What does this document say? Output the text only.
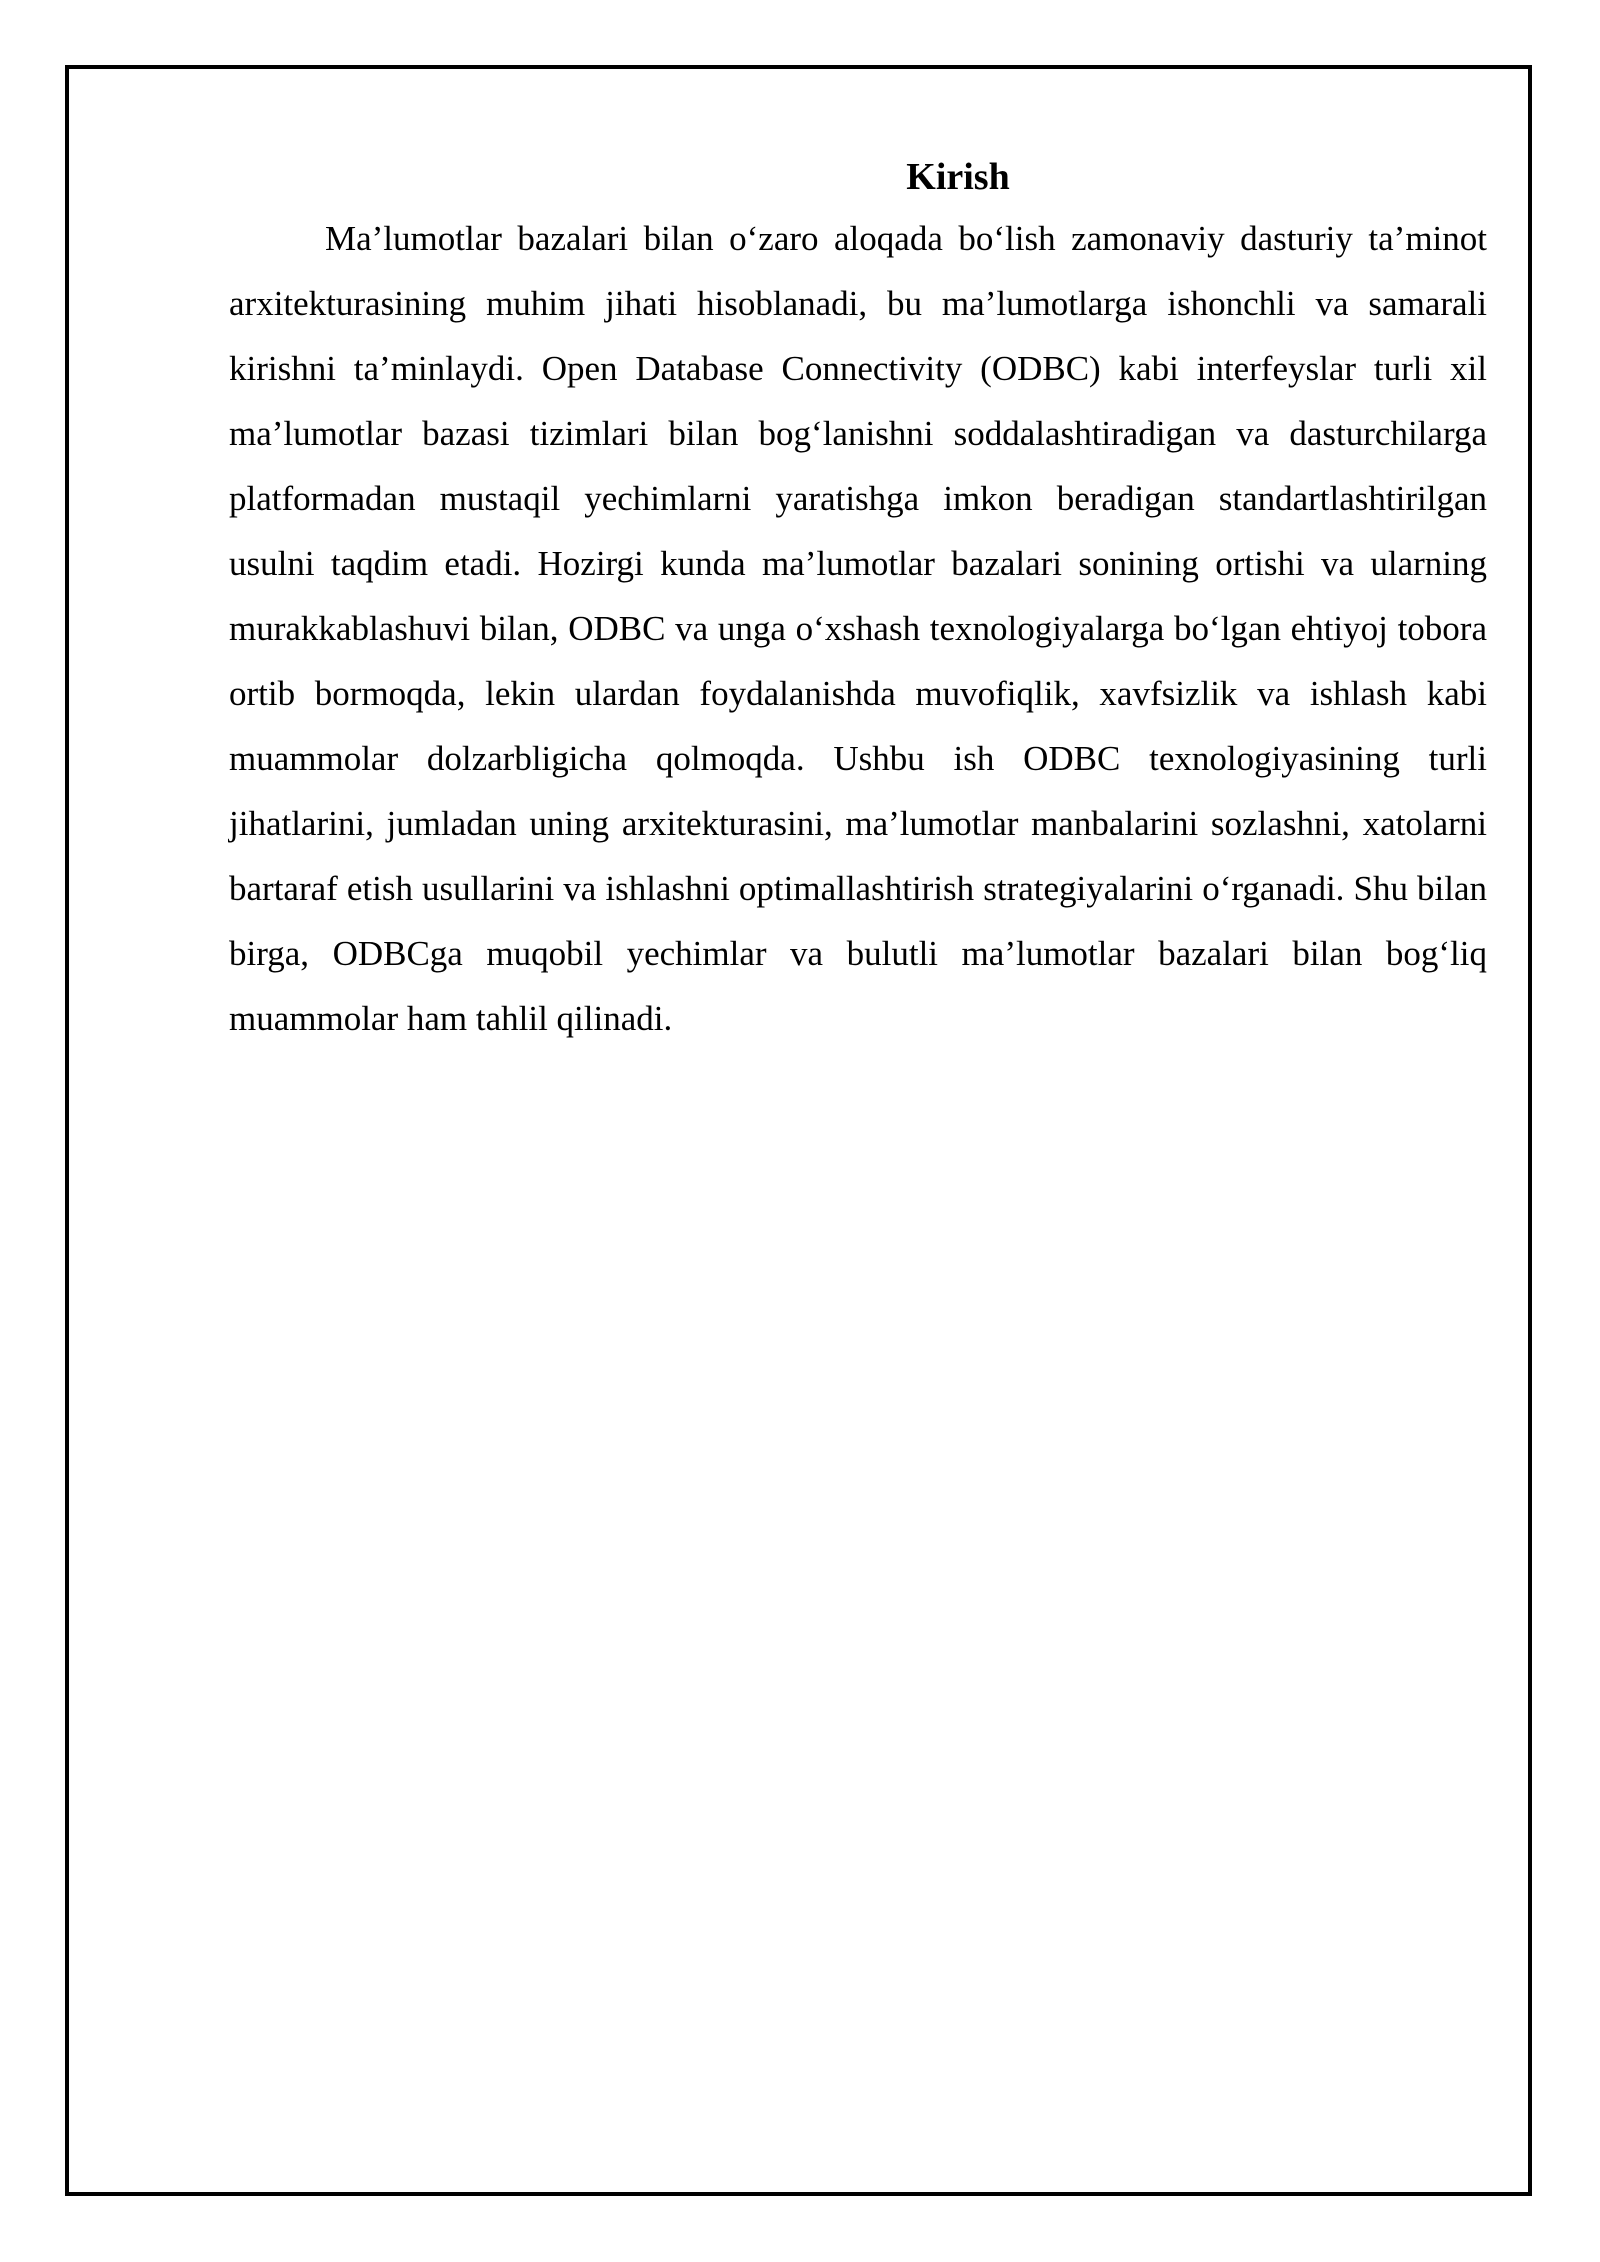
Kirish

Ma’lumotlar bazalari bilan o‘zaro aloqada bo‘lish zamonaviy dasturiy ta’minot arxitekturasining muhim jihati hisoblanadi, bu ma’lumotlarga ishonchli va samarali kirishni ta’minlaydi. Open Database Connectivity (ODBC) kabi interfeyslar turli xil ma’lumotlar bazasi tizimlari bilan bog‘lanishni soddalashtiradigan va dasturchilarga platformadan mustaqil yechimlarni yaratishga imkon beradigan standartlashtirilgan usulni taqdim etadi. Hozirgi kunda ma’lumotlar bazalari sonining ortishi va ularning murakkablashuvi bilan, ODBC va unga o‘xshash texnologiyalarga bo‘lgan ehtiyoj tobora ortib bormoqda, lekin ulardan foydalanishda muvofiqlik, xavfsizlik va ishlash kabi muammolar dolzarbligicha qolmoqda. Ushbu ish ODBC texnologiyasining turli jihatlarini, jumladan uning arxitekturasini, ma’lumotlar manbalarini sozlashni, xatolarni bartaraf etish usullarini va ishlashni optimallashtirish strategiyalarini o‘rganadi. Shu bilan birga, ODBCga muqobil yechimlar va bulutli ma’lumotlar bazalari bilan bog‘liq muammolar ham tahlil qilinadi.
